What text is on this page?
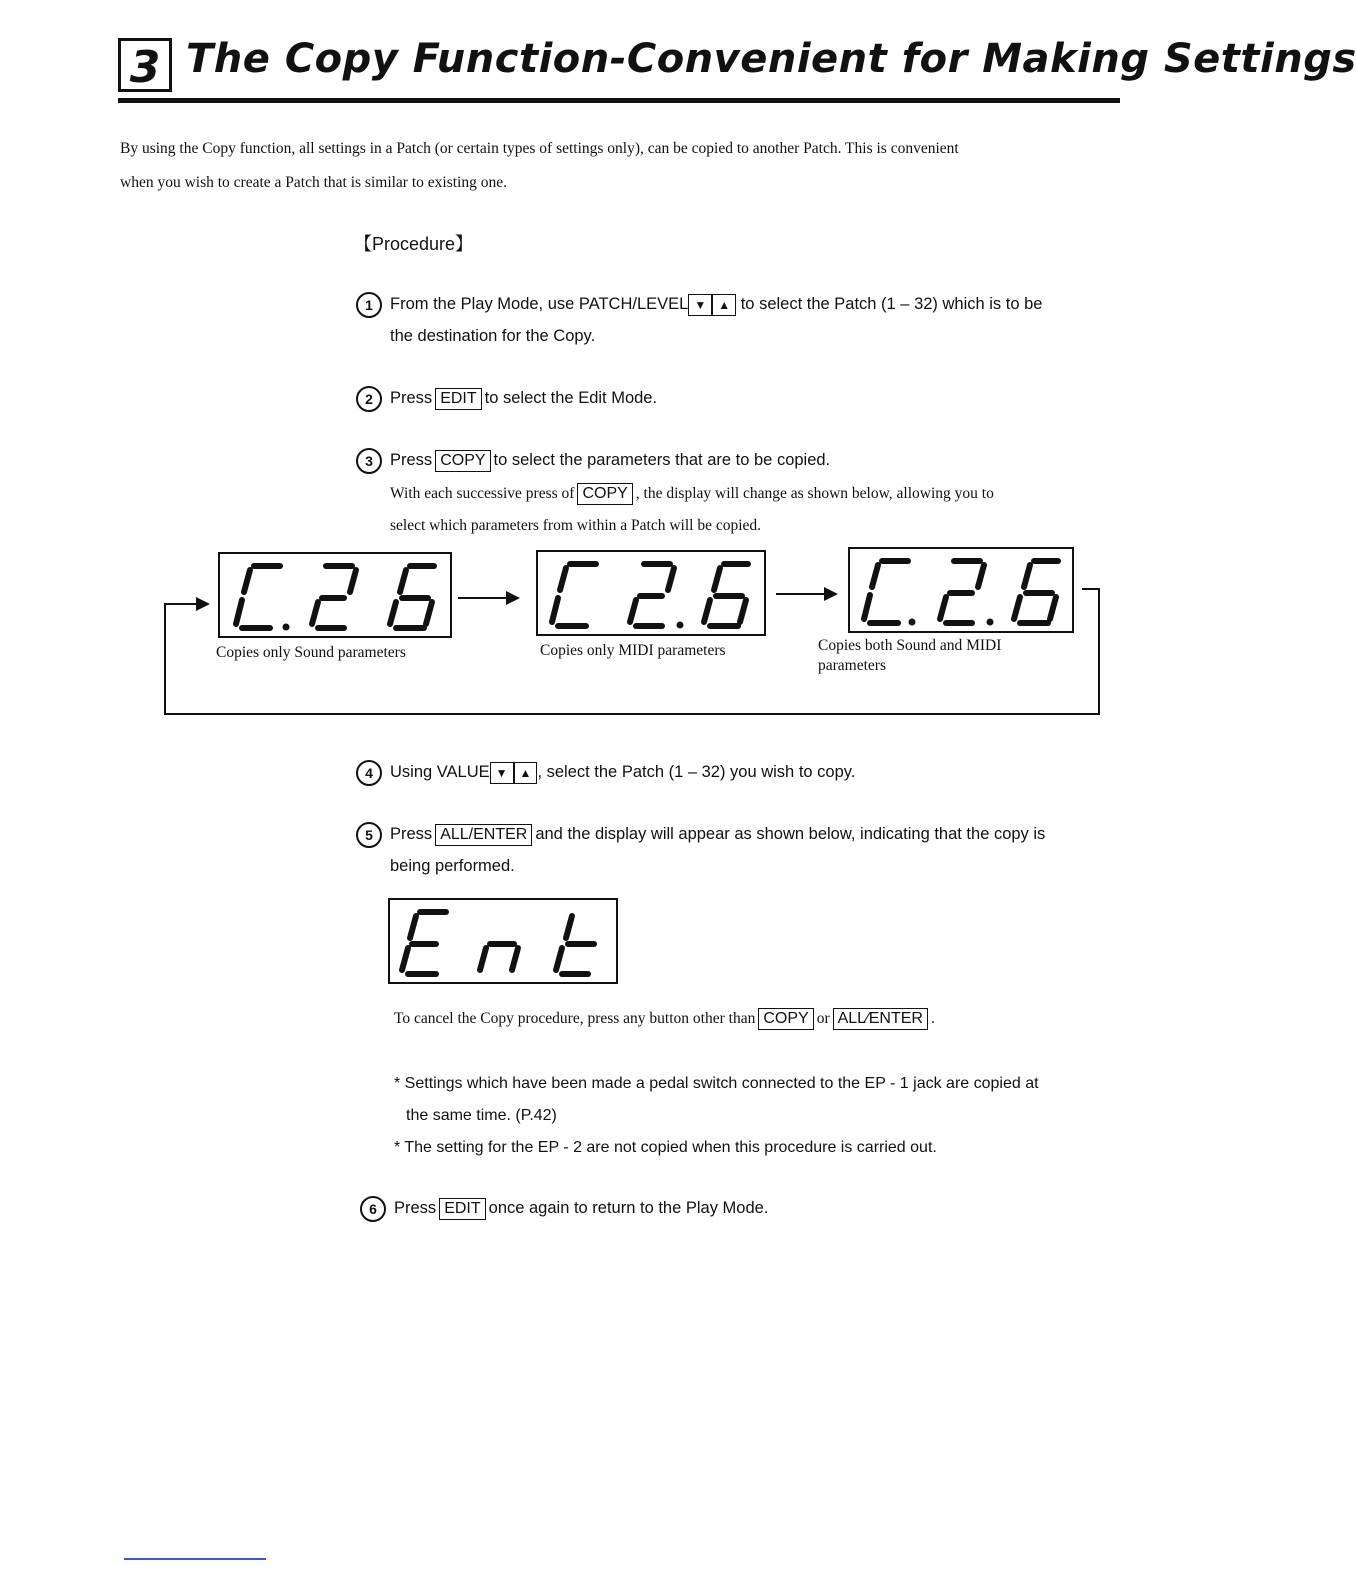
3 The Copy Function-Convenient for Making Settings
By using the Copy function, all settings in a Patch (or certain types of settings only), can be copied to another Patch. This is convenient
when you wish to create a Patch that is similar to existing one.
【Procedure】
1 From the Play Mode, use PATCH/LEVEL ▼ ▲ to select the Patch (1 – 32) which is to be
the destination for the Copy.
2 Press EDIT to select the Edit Mode.
3 Press COPY to select the parameters that are to be copied.
With each successive press of COPY , the display will change as shown below, allowing you to
select which parameters from within a Patch will be copied.
Copies only Sound parameters	Copies only MIDI parameters	Copies both Sound and MIDI
parameters
4 Using VALUE ▼ ▲ , select the Patch (1 – 32) you wish to copy.
5 Press ALL/ENTER and the display will appear as shown below, indicating that the copy is
being performed.
To cancel the Copy procedure, press any button other than COPY or ALL∕ENTER .
* Settings which have been made a pedal switch connected to the EP - 1 jack are copied at
the same time. (P.42)
* The setting for the EP - 2 are not copied when this procedure is carried out.
6 Press EDIT once again to return to the Play Mode.
